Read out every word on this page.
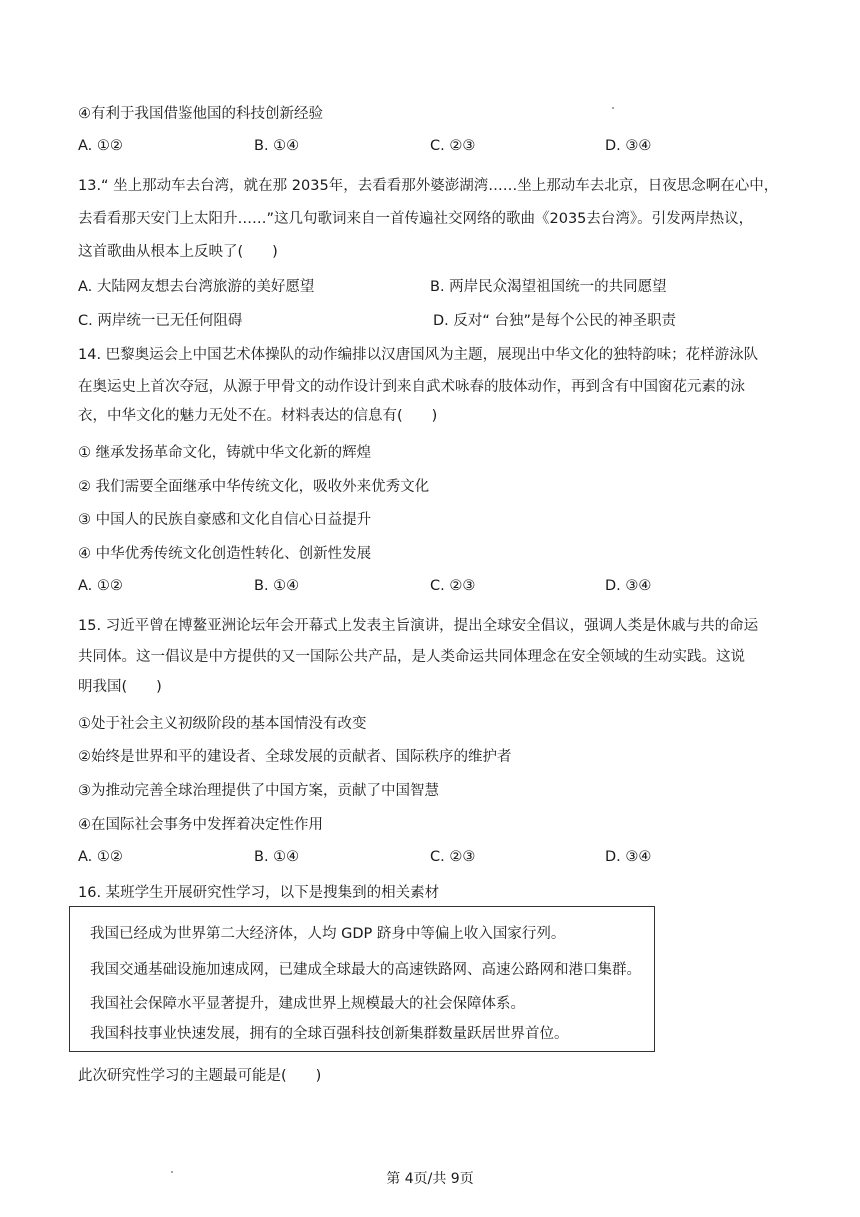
④有利于我国借鉴他国的科技创新经验
A. ①②	B. ①④	C. ②③	D. ③④
13.“ 坐上那动车去台湾，就在那 2035年，去看看那外婆澎湖湾……坐上那动车去北京，日夜思念啊在心中，
去看看那天安门上太阳升……”这几句歌词来自一首传遍社交网络的歌曲《2035去台湾》。引发两岸热议，
这首歌曲从根本上反映了(　　)
A. 大陆网友想去台湾旅游的美好愿望	B. 两岸民众渴望祖国统一的共同愿望
C. 两岸统一已无任何阻碍	D. 反对“ 台独”是每个公民的神圣职责
14. 巴黎奥运会上中国艺术体操队的动作编排以汉唐国风为主题，展现出中华文化的独特韵味；花样游泳队
在奥运史上首次夺冠，从源于甲骨文的动作设计到来自武术咏春的肢体动作，再到含有中国窗花元素的泳
衣，中华文化的魅力无处不在。材料表达的信息有(　　)
① 继承发扬革命文化，铸就中华文化新的辉煌
② 我们需要全面继承中华传统文化，吸收外来优秀文化
③ 中国人的民族自豪感和文化自信心日益提升
④ 中华优秀传统文化创造性转化、创新性发展
A. ①②	B. ①④	C. ②③	D. ③④
15. 习近平曾在博鳌亚洲论坛年会开幕式上发表主旨演讲，提出全球安全倡议，强调人类是休戚与共的命运
共同体。这一倡议是中方提供的又一国际公共产品，是人类命运共同体理念在安全领域的生动实践。这说
明我国(　　)
①处于社会主义初级阶段的基本国情没有改变
②始终是世界和平的建设者、全球发展的贡献者、国际秩序的维护者
③为推动完善全球治理提供了中国方案，贡献了中国智慧
④在国际社会事务中发挥着决定性作用
A. ①②	B. ①④	C. ②③	D. ③④
16. 某班学生开展研究性学习，以下是搜集到的相关素材

我国已经成为世界第二大经济体，人均 GDP 跻身中等偏上收入国家行列。

我国交通基础设施加速成网，已建成全球最大的高速铁路网、高速公路网和港口集群。

我国社会保障水平显著提升，建成世界上规模最大的社会保障体系。

我国科技事业快速发展，拥有的全球百强科技创新集群数量跃居世界首位。

此次研究性学习的主题最可能是(　　)
第 4页/共 9页
